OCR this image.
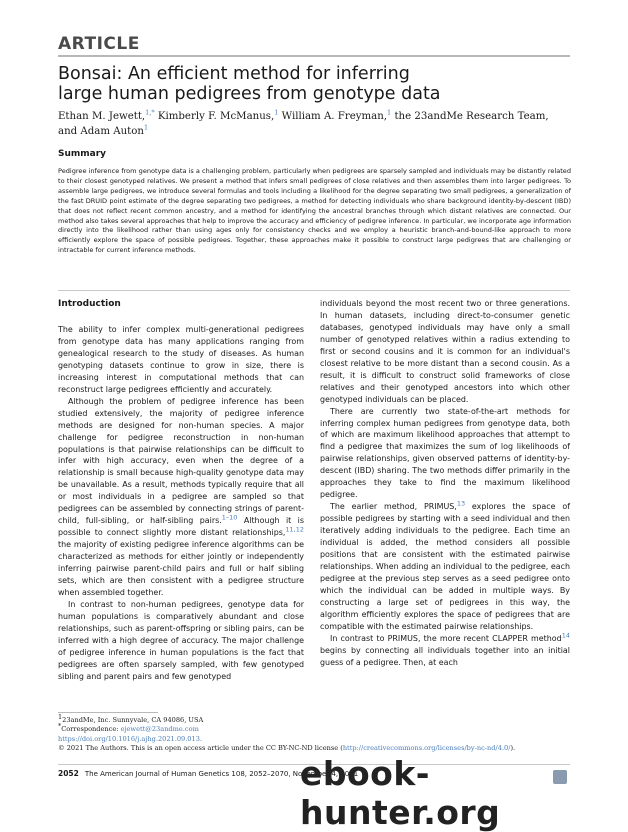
ARTICLE
Bonsai: An efficient method for inferring
large human pedigrees from genotype data
Ethan M. Jewett,$^{1,*}$ Kimberly F. McManus,$^1$ William A. Freyman,$^1$ the 23andMe Research Team,
and Adam Auton$^1$
Summary
Pedigree inference from genotype data is a challenging problem, particularly when pedigrees are sparsely sampled and individuals may be distantly related to their closest genotyped relatives. We present a method that infers small pedigrees of close relatives and then assembles them into larger pedigrees. To assemble large pedigrees, we introduce several formulas and tools including a likelihood for the degree separating two small pedigrees, a generalization of the fast DRUID point estimate of the degree separating two pedigrees, a method for detecting individuals who share background identity-by-descent (IBD) that does not reflect recent common ancestry, and a method for identifying the ancestral branches through which distant relatives are connected. Our method also takes several approaches that help to improve the accuracy and efficiency of pedigree inference. In particular, we incorporate age information directly into the likelihood rather than using ages only for consistency checks and we employ a heuristic branch-and-bound-like approach to more efficiently explore the space of possible pedigrees. Together, these approaches make it possible to construct large pedigrees that are challenging or intractable for current inference methods.
Introduction

The ability to infer complex multi-generational pedigrees from genotype data has many applications ranging from genealogical research to the study of diseases. As human genotyping datasets continue to grow in size, there is increasing interest in computational methods that can reconstruct large pedigrees efficiently and accurately.

Although the problem of pedigree inference has been studied extensively, the majority of pedigree inference methods are designed for non-human species. A major challenge for pedigree reconstruction in non-human populations is that pairwise relationships can be difficult to infer with high accuracy, even when the degree of a relationship is small because high-quality genotype data may be unavailable. As a result, methods typically require that all or most individuals in a pedigree are sampled so that pedigrees can be assembled by connecting strings of parent-child, full-sibling, or half-sibling pairs.$^{1-10}$ Although it is possible to connect slightly more distant relationships,$^{11,12}$ the majority of existing pedigree inference algorithms can be characterized as methods for either jointly or independently inferring pairwise parent-child pairs and full or half sibling sets, which are then consistent with a pedigree structure when assembled together.

In contrast to non-human pedigrees, genotype data for human populations is comparatively abundant and close relationships, such as parent-offspring or sibling pairs, can be inferred with a high degree of accuracy. The major challenge of pedigree inference in human populations is the fact that pedigrees are often sparsely sampled, with few genotyped sibling and parent pairs and few genotyped

individuals beyond the most recent two or three generations. In human datasets, including direct-to-consumer genetic databases, genotyped individuals may have only a small number of genotyped relatives within a radius extending to first or second cousins and it is common for an individual's closest relative to be more distant than a second cousin. As a result, it is difficult to construct solid frameworks of close relatives and their genotyped ancestors into which other genotyped individuals can be placed.

There are currently two state-of-the-art methods for inferring complex human pedigrees from genotype data, both of which are maximum likelihood approaches that attempt to find a pedigree that maximizes the sum of log likelihoods of pairwise relationships, given observed patterns of identity-by-descent (IBD) sharing. The two methods differ primarily in the approaches they take to find the maximum likelihood pedigree.

The earlier method, PRIMUS,$^{13}$ explores the space of possible pedigrees by starting with a seed individual and then iteratively adding individuals to the pedigree. Each time an individual is added, the method considers all possible positions that are consistent with the estimated pairwise relationships. When adding an individual to the pedigree, each pedigree at the previous step serves as a seed pedigree onto which the individual can be added in multiple ways. By constructing a large set of pedigrees in this way, the algorithm efficiently explores the space of pedigrees that are compatible with the estimated pairwise relationships.

In contrast to PRIMUS, the more recent CLAPPER method$^{14}$ begins by connecting all individuals together into an initial guess of a pedigree. Then, at each

$^1$23andMe, Inc. Sunnyvale, CA 94086, USA
*Correspondence: ejewett@23andme.com
https://doi.org/10.1016/j.ajhg.2021.09.013.
© 2021 The Authors. This is an open access article under the CC BY-NC-ND license (http://creativecommons.org/licenses/by-nc-nd/4.0/).
2052 The American Journal of Human Genetics 108, 2052–2070, November 4, 2021
ebook-hunter.org
